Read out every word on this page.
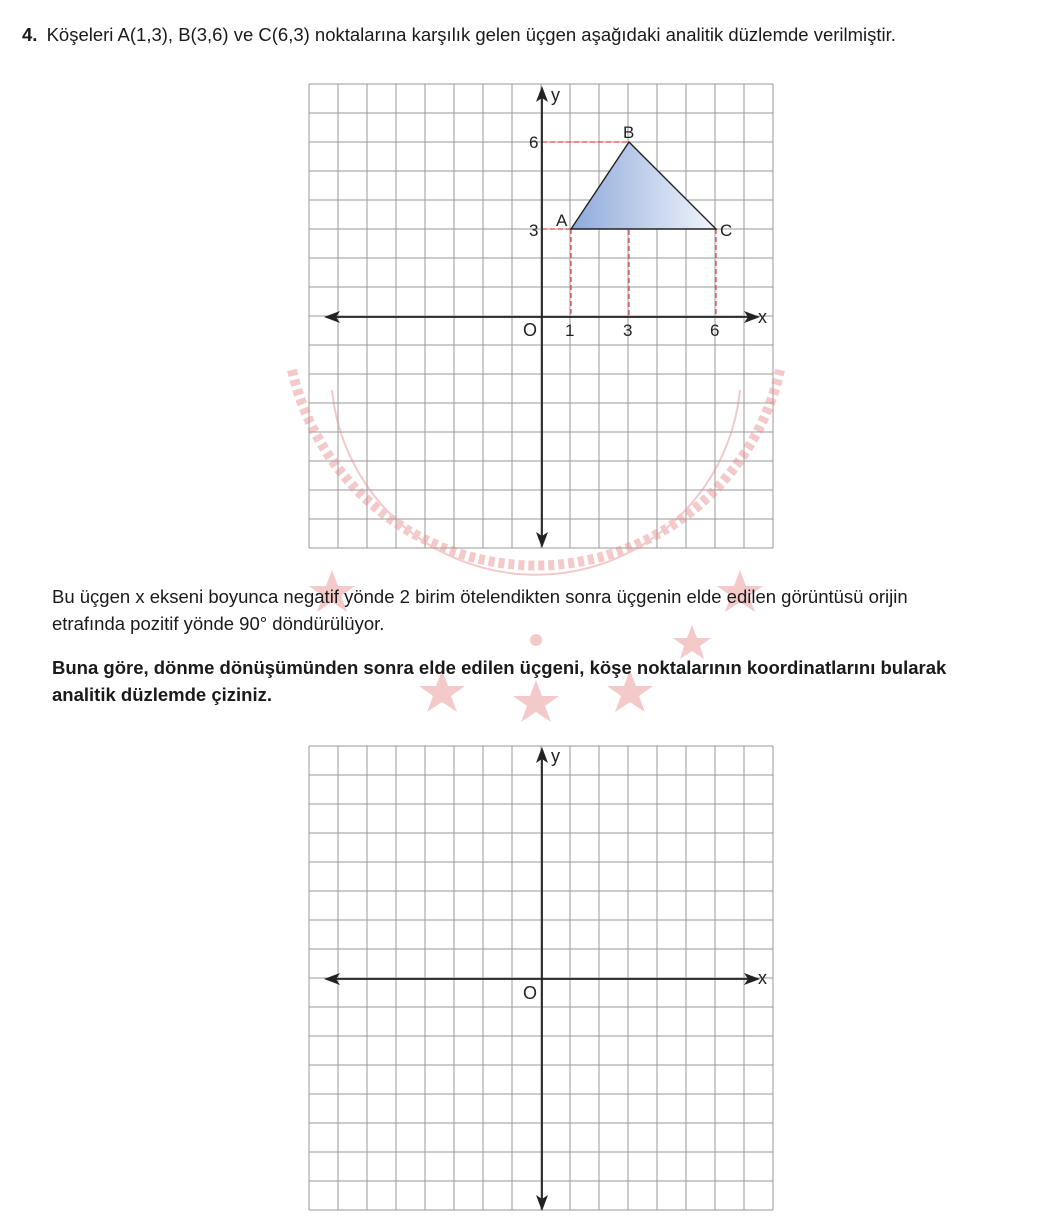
4. Köşeleri A(1,3), B(3,6) ve C(6,3) noktalarına karşılık gelen üçgen aşağıdaki analitik düzlemde verilmiştir.
x
y
O 1	3	6
3
6
A
B
C
Bu üçgen x ekseni boyunca negatif yönde 2 birim ötelendikten sonra üçgenin elde edilen görüntüsü orijin
etrafında pozitif yönde 90° döndürülüyor.
Buna göre, dönme dönüşümünden sonra elde edilen üçgeni, köşe noktalarının koordinatlarını bularak
analitik düzlemde çiziniz.
x
y
O
